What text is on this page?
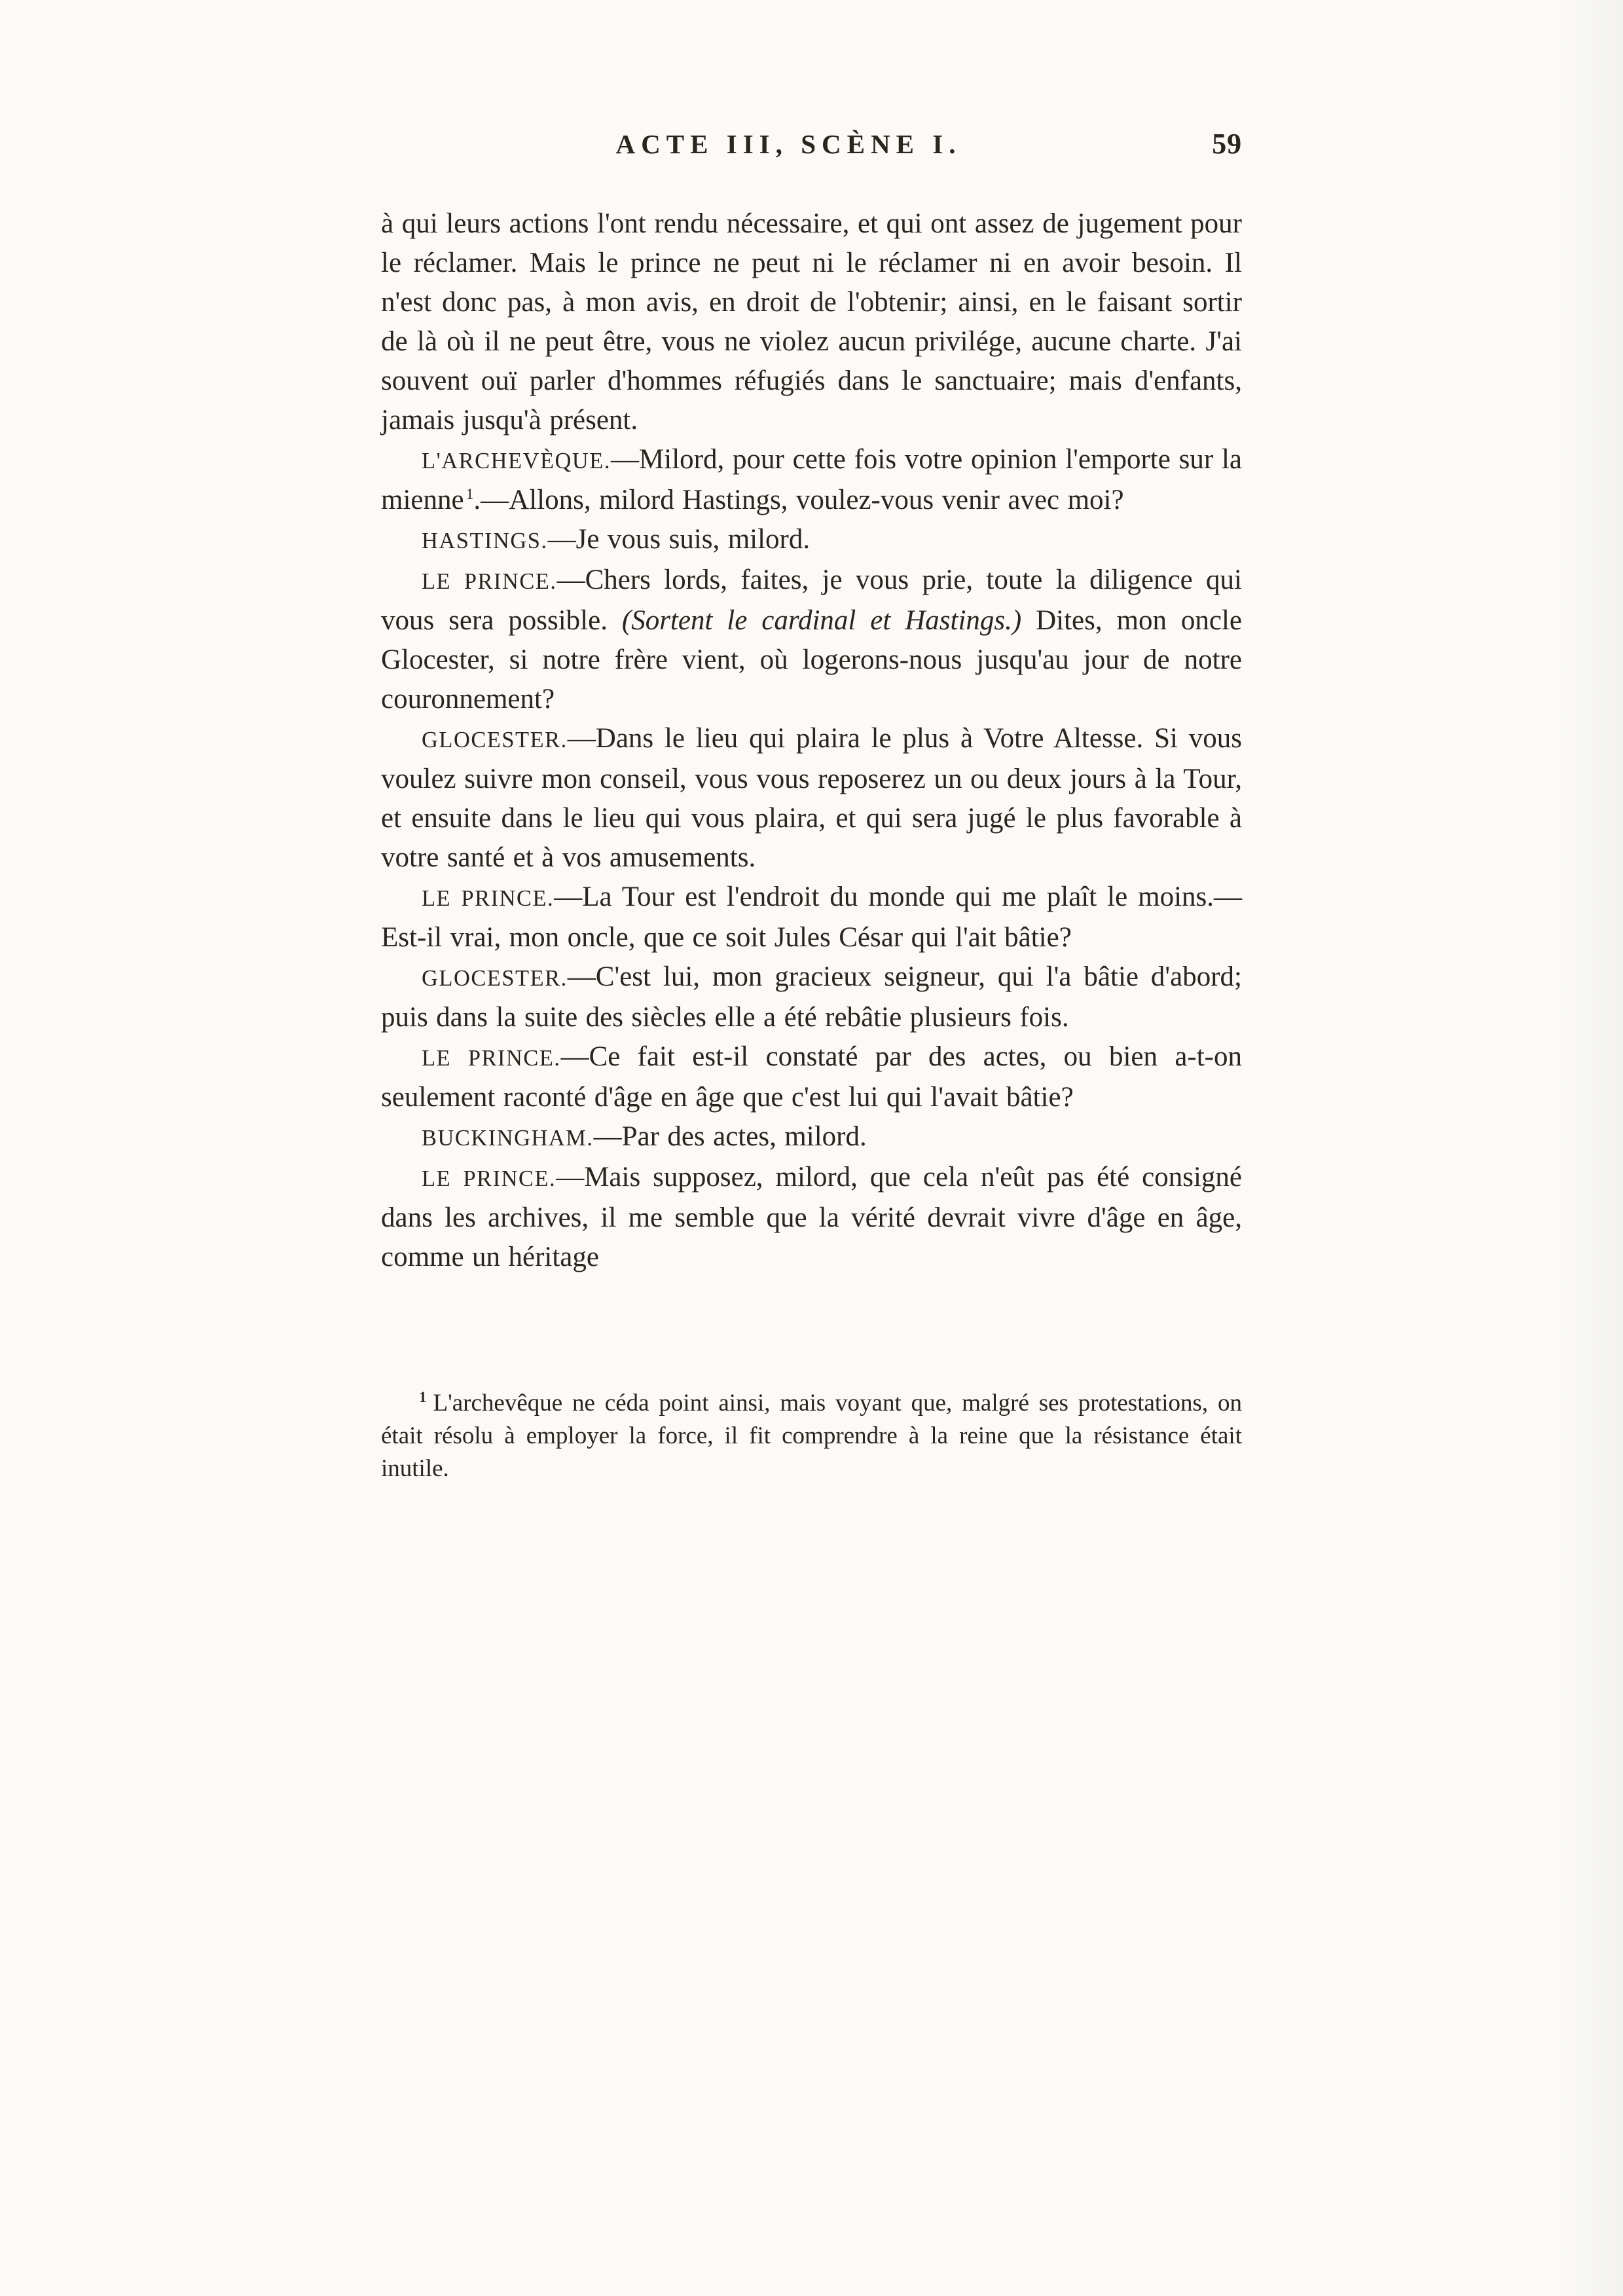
ACTE III, SCÈNE I.	59

à qui leurs actions l'ont rendu nécessaire, et qui ont assez de jugement pour le réclamer. Mais le prince ne peut ni le réclamer ni en avoir besoin. Il n'est donc pas, à mon avis, en droit de l'obtenir; ainsi, en le faisant sortir de là où il ne peut être, vous ne violez aucun privilége, aucune charte. J'ai souvent ouï parler d'hommes réfugiés dans le sanctuaire; mais d'enfants, jamais jusqu'à présent.

L'ARCHEVÈQUE.—Milord, pour cette fois votre opinion l'emporte sur la mienne $^1$.—Allons, milord Hastings, voulez-vous venir avec moi?

HASTINGS.—Je vous suis, milord.

LE PRINCE.—Chers lords, faites, je vous prie, toute la diligence qui vous sera possible. (Sortent le cardinal et Hastings.) Dites, mon oncle Glocester, si notre frère vient, où logerons-nous jusqu'au jour de notre couronnement?

GLOCESTER.—Dans le lieu qui plaira le plus à Votre Altesse. Si vous voulez suivre mon conseil, vous vous reposerez un ou deux jours à la Tour, et ensuite dans le lieu qui vous plaira, et qui sera jugé le plus favorable à votre santé et à vos amusements.

LE PRINCE.—La Tour est l'endroit du monde qui me plaît le moins.—Est-il vrai, mon oncle, que ce soit Jules César qui l'ait bâtie?

GLOCESTER.—C'est lui, mon gracieux seigneur, qui l'a bâtie d'abord; puis dans la suite des siècles elle a été rebâtie plusieurs fois.

LE PRINCE.—Ce fait est-il constaté par des actes, ou bien a-t-on seulement raconté d'âge en âge que c'est lui qui l'avait bâtie?

BUCKINGHAM.—Par des actes, milord.

LE PRINCE.—Mais supposez, milord, que cela n'eût pas été consigné dans les archives, il me semble que la vérité devrait vivre d'âge en âge, comme un héritage

$^1$ L'archevêque ne céda point ainsi, mais voyant que, malgré ses protestations, on était résolu à employer la force, il fit comprendre à la reine que la résistance était inutile.
